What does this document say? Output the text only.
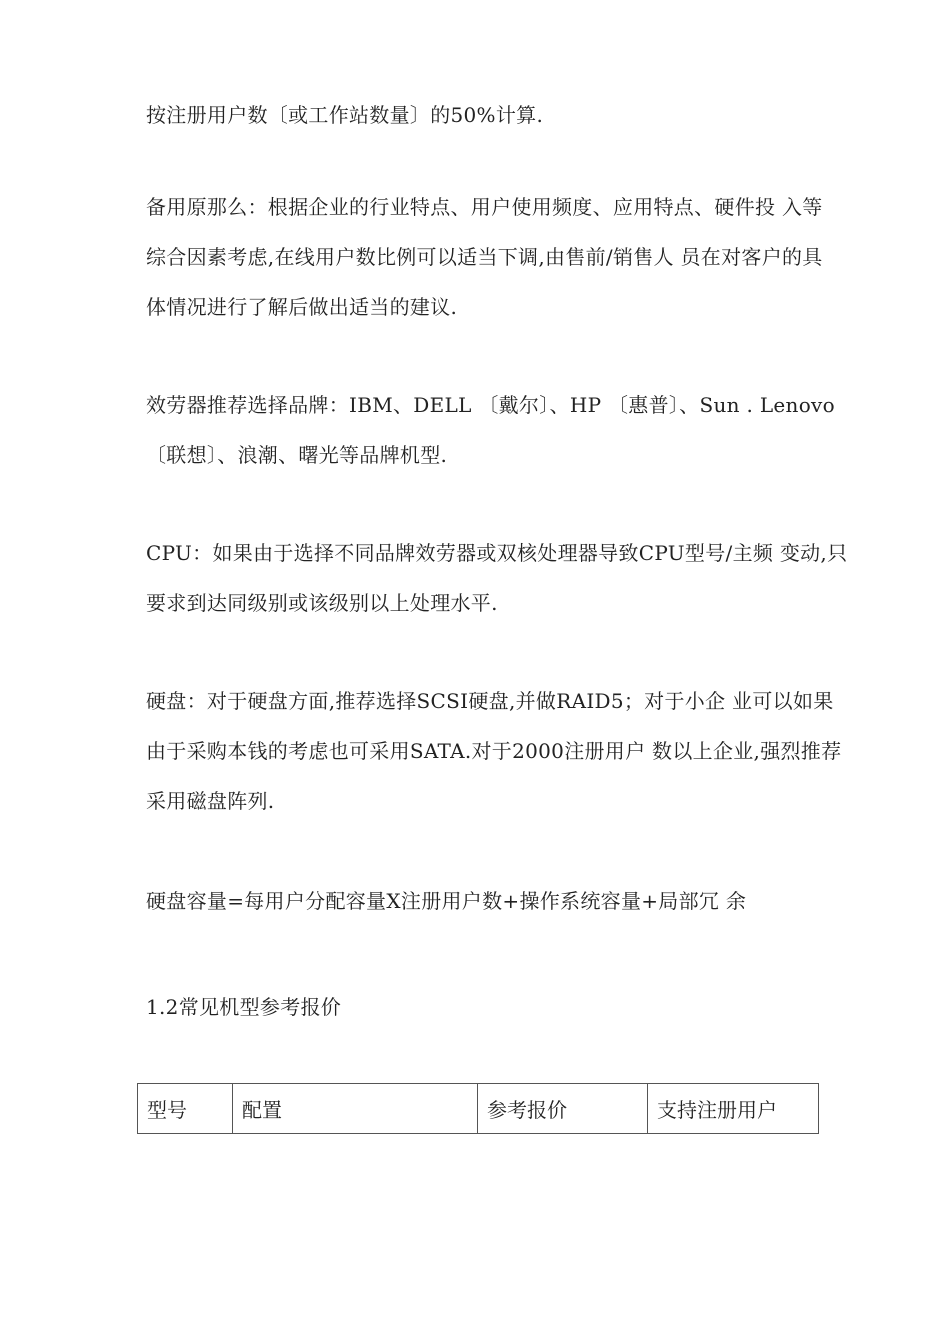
按注册用户数〔或工作站数量〕的50%计算.
备用原那么：根据企业的行业特点、用户使用频度、应用特点、硬件投 入等
综合因素考虑,在线用户数比例可以适当下调,由售前/销售人 员在对客户的具
体情况进行了解后做出适当的建议.
效劳器推荐选择品牌：IBM、DELL 〔戴尔〕、HP 〔惠普〕、Sun . Lenovo
〔联想〕、浪潮、曙光等品牌机型.
CPU：如果由于选择不同品牌效劳器或双核处理器导致CPU型号/主频 变动,只
要求到达同级别或该级别以上处理水平.
硬盘：对于硬盘方面,推荐选择SCSI硬盘,并做RAID5；对于小企 业可以如果
由于采购本钱的考虑也可采用SATA.对于2000注册用户 数以上企业,强烈推荐
采用磁盘阵列.
硬盘容量=每用户分配容量X注册用户数+操作系统容量+局部冗 余
1.2常见机型参考报价
型号	配置	参考报价	支持注册用户
